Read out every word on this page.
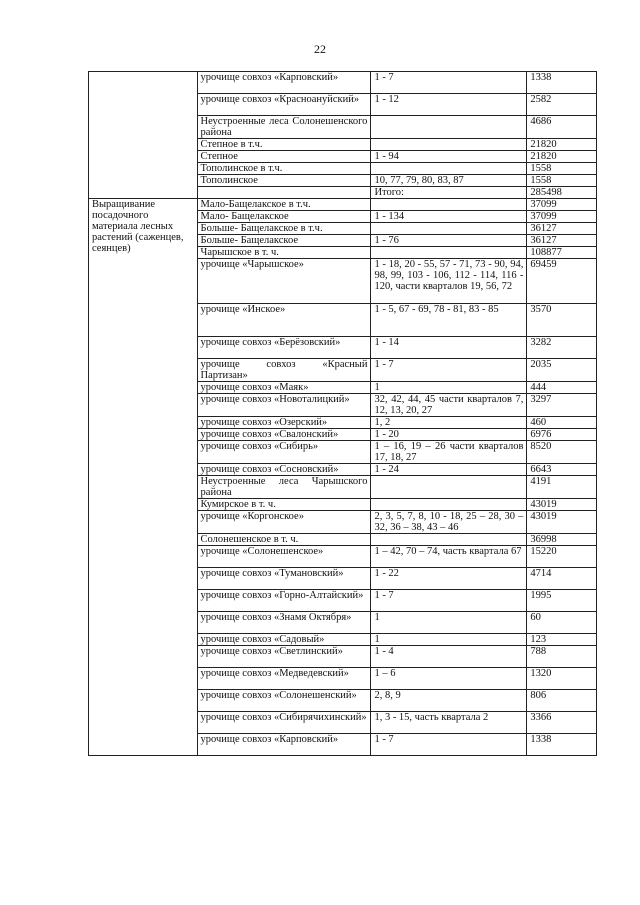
22
	урочище совхоз «Карповский»	1 - 7	1338
	урочище совхоз «Красноануйский»	1 - 12	2582
	Неустроенные леса Солонешенского района		4686
	Степное в т.ч.		21820
	Степное	1 - 94	21820
	Тополинское в т.ч.		1558
	Тополинское	10, 77, 79, 80, 83, 87	1558
		Итого:	285498
Выращивание посадочного материала лесных растений (саженцев, сеянцев)	Мало-Бащелакское в т.ч.		37099
	Мало- Бащелакское	1 - 134	37099
	Больше- Бащелакское в т.ч.		36127
	Больше- Бащелакское	1 - 76	36127
	Чарышское в т. ч.		108877
	урочище «Чарышское»	1 - 18, 20 - 55, 57 - 71, 73 - 90, 94, 98, 99, 103 - 106, 112 - 114, 116 - 120, части кварталов 19, 56, 72	69459
	урочище «Инское»	1 - 5, 67 - 69, 78 - 81, 83 - 85	3570
	урочище совхоз «Берёзовский»	1 - 14	3282
	урочище совхоз «Красный Партизан»	1 - 7	2035
	урочище совхоз «Маяк»	1	444
	урочище совхоз «Новоталицкий»	32, 42, 44, 45 части кварталов 7, 12, 13, 20, 27	3297
	урочище совхоз «Озерский»	1, 2	460
	урочище совхоз «Свалонский»	1 - 20	6976
	урочище совхоз «Сибирь»	1 – 16, 19 – 26 части кварталов 17, 18, 27	8520
	урочище совхоз «Сосновский»	1 - 24	6643
	Неустроенные леса Чарышского района		4191
	Кумирское в т. ч.		43019
	урочище «Коргонское»	2, 3, 5, 7, 8, 10 - 18, 25 – 28, 30 – 32, 36 – 38, 43 – 46	43019
	Солонешенское в т. ч.		36998
	урочище «Солонешенское»	1 – 42, 70 – 74, часть квартала 67	15220
	урочище совхоз «Тумановский»	1 - 22	4714
	урочище совхоз «Горно-Алтайский»	1 - 7	1995
	урочище совхоз «Знамя Октября»	1	60
	урочище совхоз «Садовый»	1	123
	урочище совхоз «Светлинский»	1 - 4	788
	урочище совхоз «Медведевский»	1 – 6	1320
	урочище совхоз «Солонешенский»	2, 8, 9	806
	урочище совхоз «Сибирячихинский»	1, 3 - 15, часть квартала 2	3366
	урочище совхоз «Карповский»	1 - 7	1338
